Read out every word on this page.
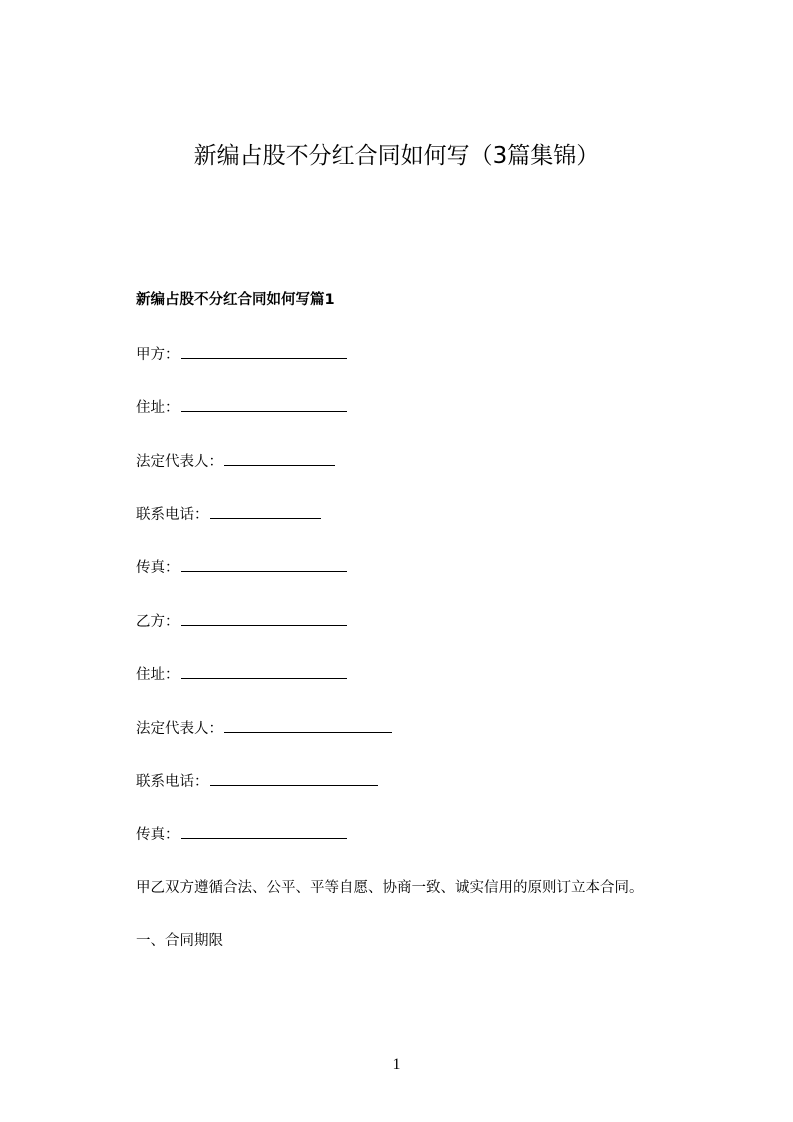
新编占股不分红合同如何写（3篇集锦）
新编占股不分红合同如何写篇1
甲方：
住址：
法定代表人：
联系电话：
传真：
乙方：
住址：
法定代表人：
联系电话：
传真：
甲乙双方遵循合法、公平、平等自愿、协商一致、诚实信用的原则订立本合同。
一、合同期限
1
